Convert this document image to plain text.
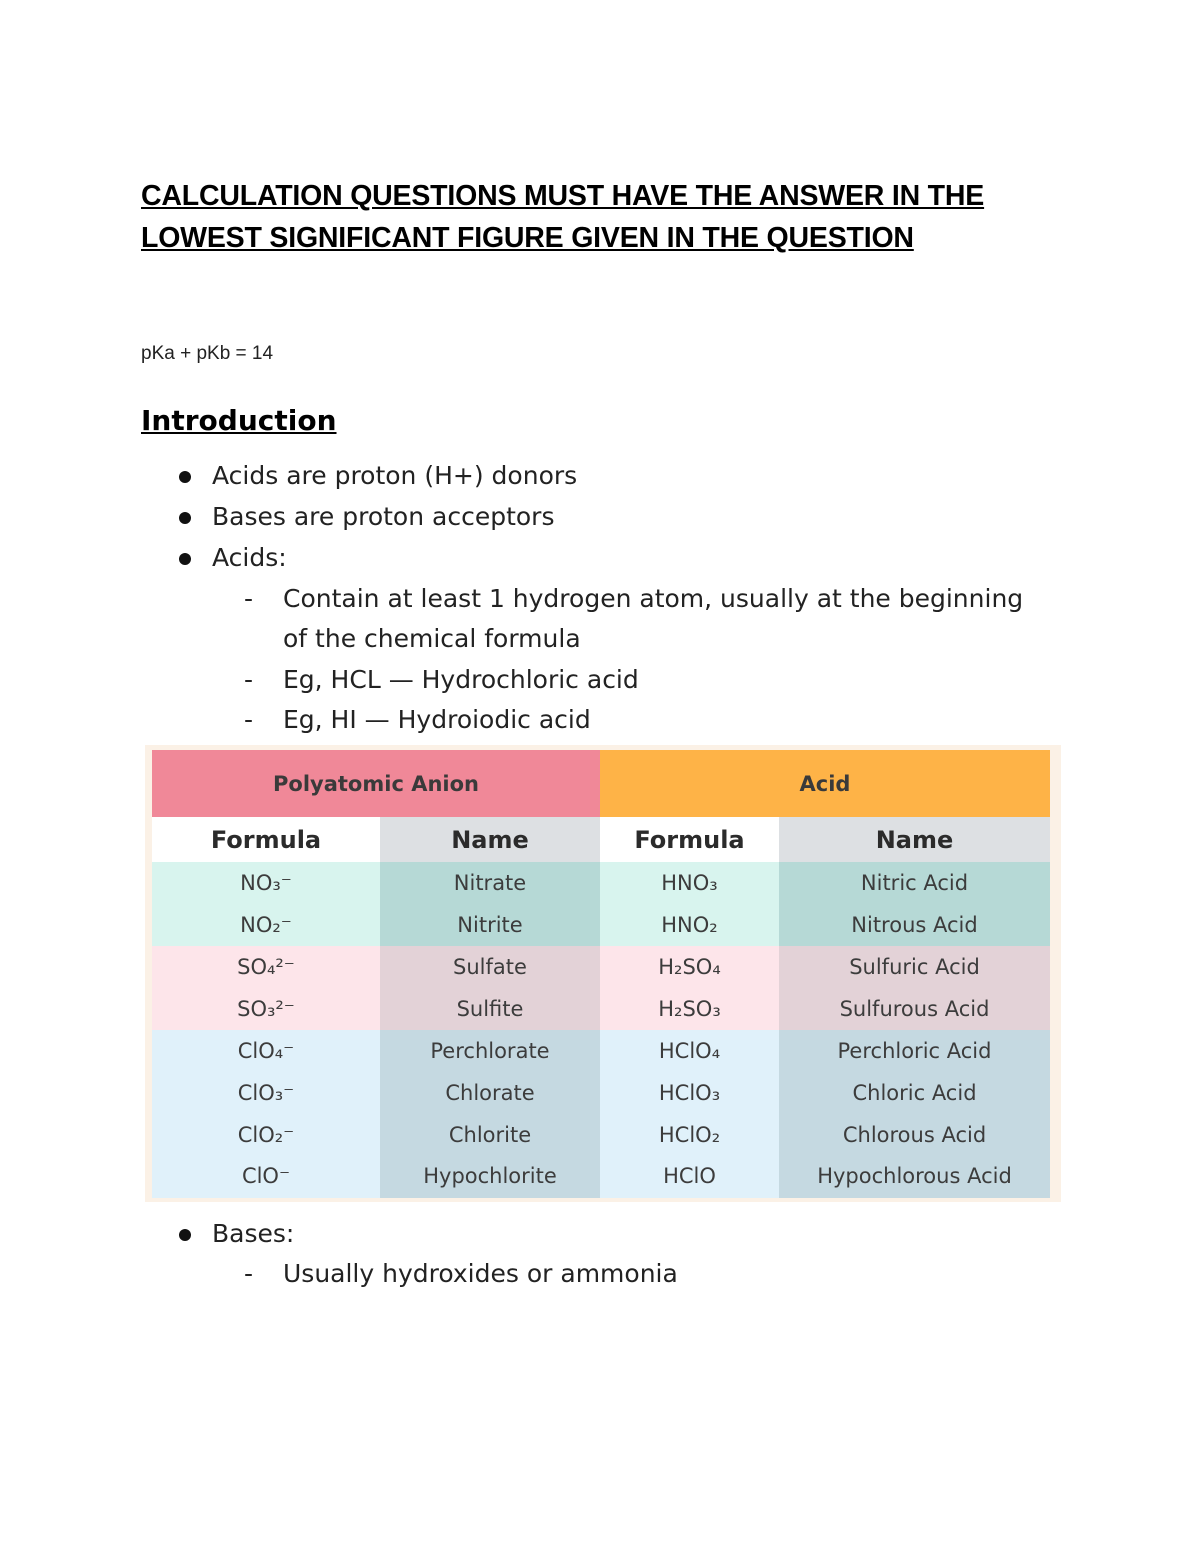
CALCULATION QUESTIONS MUST HAVE THE ANSWER IN THE LOWEST SIGNIFICANT FIGURE GIVEN IN THE QUESTION
pKa + pKb = 14
Introduction
Acids are proton (H+) donors
Bases are proton acceptors
Acids:
- Contain at least 1 hydrogen atom, usually at the beginning of the chemical formula
- Eg, HCL — Hydrochloric acid
- Eg, HI — Hydroiodic acid
Bases:
- Usually hydroxides or ammonia
Polyatomic Anion	Acid
Formula	Name	Formula	Name
NO₃⁻	Nitrate	HNO₃	Nitric Acid
NO₂⁻	Nitrite	HNO₂	Nitrous Acid
SO₄²⁻	Sulfate	H₂SO₄	Sulfuric Acid
SO₃²⁻	Sulfite	H₂SO₃	Sulfurous Acid
ClO₄⁻	Perchlorate	HClO₄	Perchloric Acid
ClO₃⁻	Chlorate	HClO₃	Chloric Acid
ClO₂⁻	Chlorite	HClO₂	Chlorous Acid
ClO⁻	Hypochlorite	HClO	Hypochlorous Acid
